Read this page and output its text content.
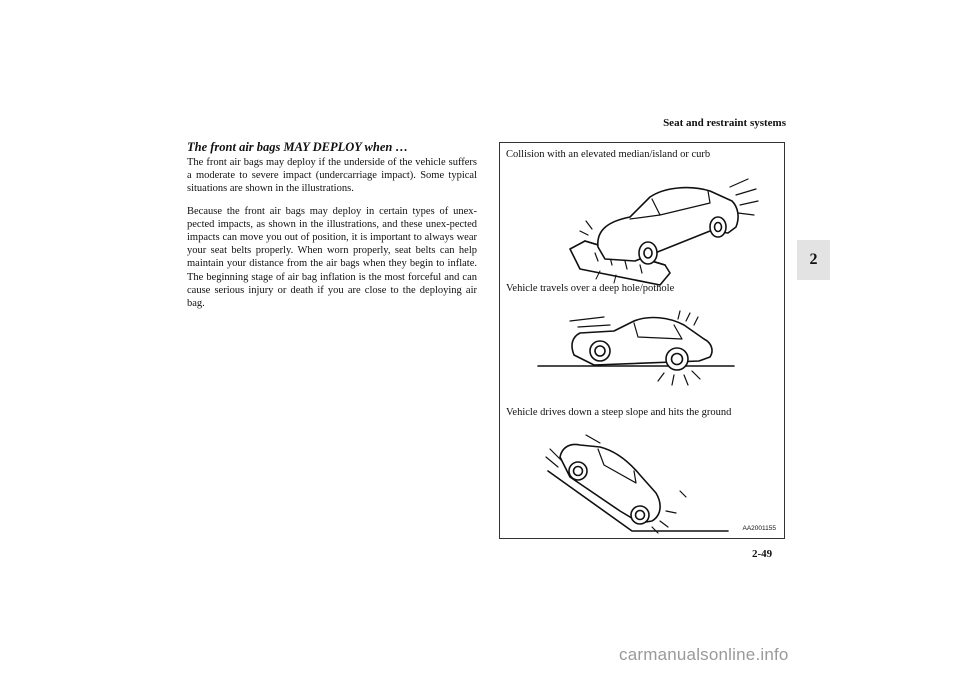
Seat and restraint systems
2
The front air bags MAY DEPLOY when …

The front air bags may deploy if the underside of the vehicle suffers a moderate to severe impact (undercarriage impact). Some typical situations are shown in the illustrations.

Because the front air bags may deploy in certain types of unex-pected impacts, as shown in the illustrations, and these unex-pected impacts can move you out of position, it is important to always wear your seat belts properly. When worn properly, seat belts can help maintain your distance from the air bags when they begin to inflate. The beginning stage of air bag inflation is the most forceful and can cause serious injury or death if you are close to the deploying air bag.

Collision with an elevated median/island or curb
Vehicle travels over a deep hole/pothole
Vehicle drives down a steep slope and hits the ground
AA2001155
2-49
carmanualsonline.info
